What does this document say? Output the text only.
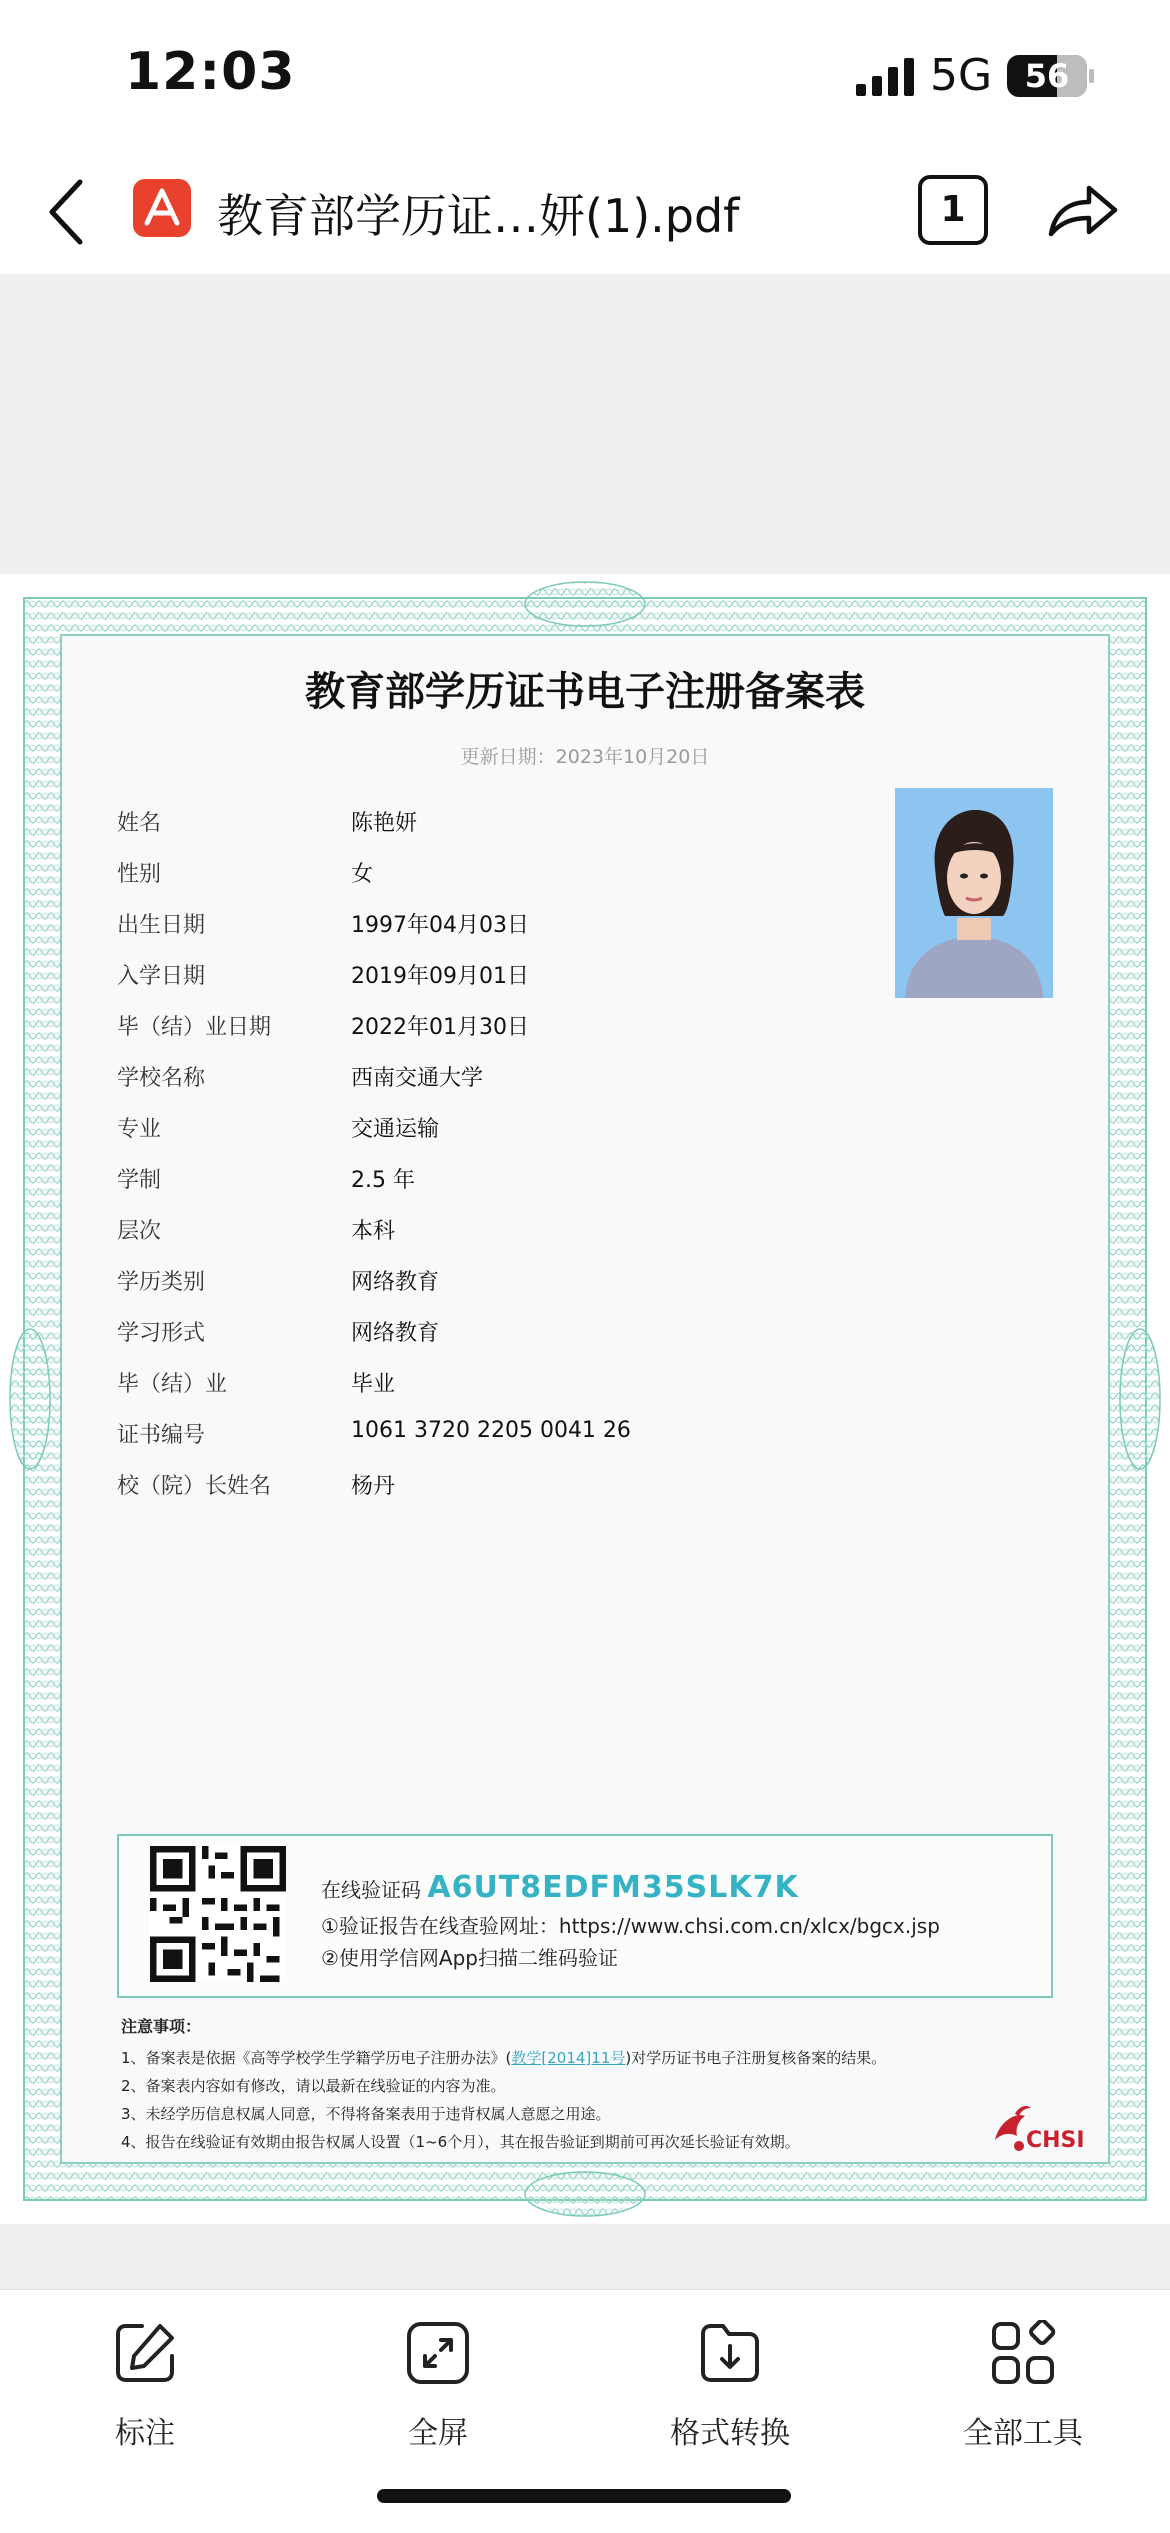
12:03	5G	56
教育部学历证…妍(1).pdf	1
教育部学历证书电子注册备案表
更新日期：2023年10月20日
姓名	陈艳妍
性别	女
出生日期	1997年04月03日
入学日期	2019年09月01日
毕（结）业日期	2022年01月30日
学校名称	西南交通大学
专业	交通运输
学制	2.5 年
层次	本科
学历类别	网络教育
学习形式	网络教育
毕（结）业	毕业
证书编号	1061 3720 2205 0041 26
校（院）长姓名	杨丹
在线验证码 A6UT8EDFM35SLK7K
①验证报告在线查验网址：https://www.chsi.com.cn/xlcx/bgcx.jsp
②使用学信网App扫描二维码验证
注意事项：
1、备案表是依据《高等学校学生学籍学历电子注册办法》(教学[2014]11号)对学历证书电子注册复核备案的结果。
2、备案表内容如有修改，请以最新在线验证的内容为准。
3、未经学历信息权属人同意，不得将备案表用于违背权属人意愿之用途。
4、报告在线验证有效期由报告权属人设置（1~6个月），其在报告验证到期前可再次延长验证有效期。	CHSI
标注	全屏	格式转换	全部工具
